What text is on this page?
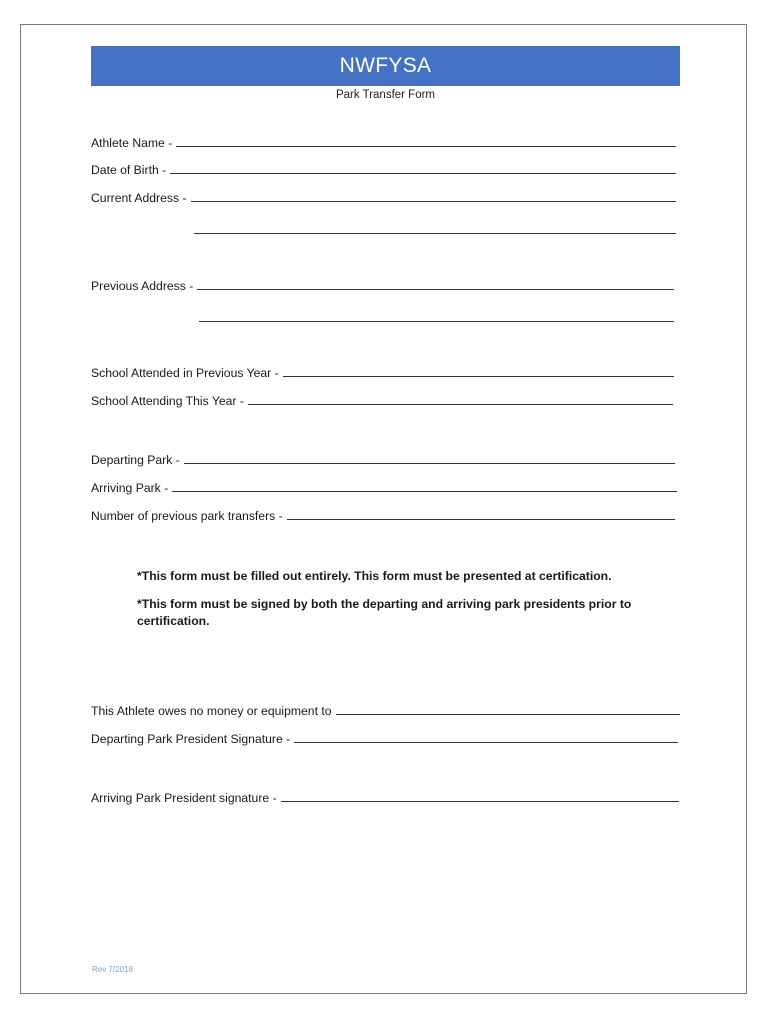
NWFYSA
Park Transfer Form
Athlete Name -
Date of Birth -
Current Address -
Previous Address -
School Attended in Previous Year -
School Attending This Year -
Departing Park -
Arriving Park -
Number of previous park transfers -
*This form must be filled out entirely. This form must be presented at certification.
*This form must be signed by both the departing and arriving park presidents prior to certification.
This Athlete owes no money or equipment to
Departing Park President Signature -
Arriving Park President signature -
Rev 7/2018
